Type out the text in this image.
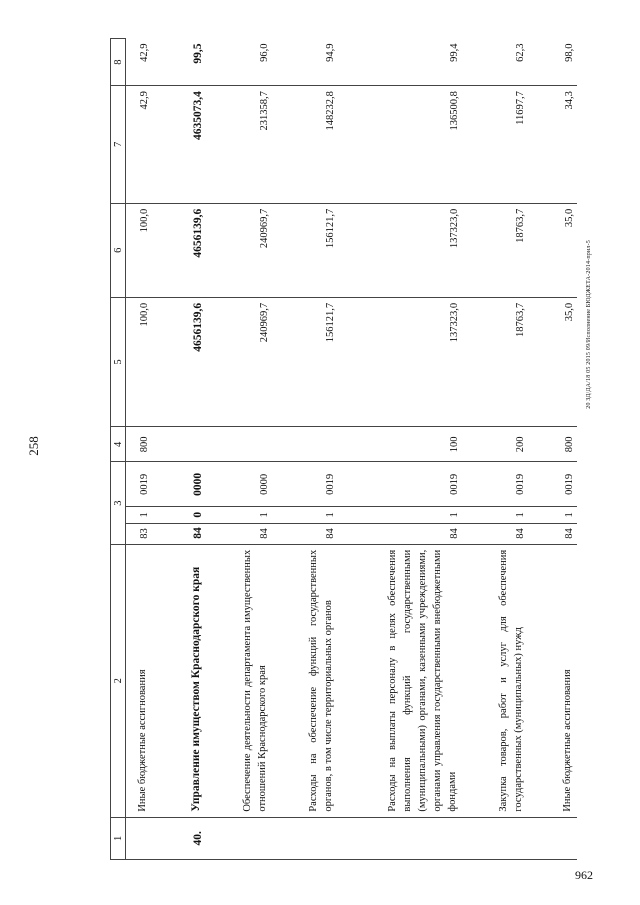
258
20 ЗД/ДА/18 05 2015 09/Исполнение БЮДЖЕТА-2014-прил-5
962
1	2	3			4	5	6	7	8
	Иные бюджетные ассигнования	83	1	0019	800	100,0	100,0	42,9	42,9
40.	Управление имуществом Краснодарского края	84	0	0000		4656139,6	4656139,6	4635073,4	99,5
	Обеспечение деятельности департамента имущественных отношений Краснодарского края	84	1	0000		240969,7	240969,7	231358,7	96,0
	Расходы на обеспечение функций государственных органов, в том числе территориальных органов	84	1	0019		156121,7	156121,7	148232,8	94,9
	Расходы на выплаты персоналу в целях обеспечения выполнения функций государственными (муниципальными) органами, казенными учреждениями, органами управления государственными внебюджетными фондами	84	1	0019	100	137323,0	137323,0	136500,8	99,4
	Закупка товаров, работ и услуг для обеспечения государственных (муниципальных) нужд	84	1	0019	200	18763,7	18763,7	11697,7	62,3
	Иные бюджетные ассигнования	84	1	0019	800	35,0	35,0	34,3	98,0
